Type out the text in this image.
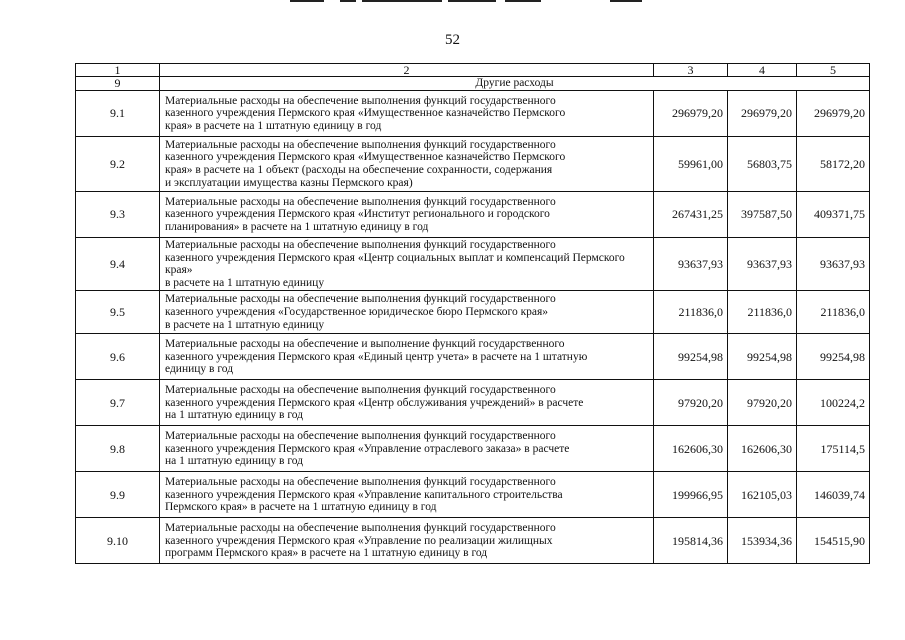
52
1	2	3	4	5
9	Другие расходы			
9.1	Материальные расходы на обеспечение выполнения функций государственного
казенного учреждения Пермского края «Имущественное казначейство Пермского
края» в расчете на 1 штатную единицу в год	296979,20	296979,20	296979,20
9.2	Материальные расходы на обеспечение выполнения функций государственного
казенного учреждения Пермского края «Имущественное казначейство Пермского
края» в расчете на 1 объект (расходы на обеспечение сохранности, содержания
и эксплуатации имущества казны Пермского края)	59961,00	56803,75	58172,20
9.3	Материальные расходы на обеспечение выполнения функций государственного
казенного учреждения Пермского края «Институт регионального и городского
планирования» в расчете на 1 штатную единицу в год	267431,25	397587,50	409371,75
9.4	Материальные расходы на обеспечение выполнения функций государственного
казенного учреждения Пермского края «Центр социальных выплат и компенсаций Пермского края»
в расчете на 1 штатную единицу	93637,93	93637,93	93637,93
9.5	Материальные расходы на обеспечение выполнения функций государственного
казенного учреждения «Государственное юридическое бюро Пермского края»
в расчете на 1 штатную единицу	211836,0	211836,0	211836,0
9.6	Материальные расходы на обеспечение и выполнение функций государственного
казенного учреждения Пермского края «Единый центр учета» в расчете на 1 штатную
единицу в год	99254,98	99254,98	99254,98
9.7	Материальные расходы на обеспечение выполнения функций государственного
казенного учреждения Пермского края «Центр обслуживания учреждений» в расчете
на 1 штатную единицу в год	97920,20	97920,20	100224,2
9.8	Материальные расходы на обеспечение выполнения функций государственного
казенного учреждения Пермского края «Управление отраслевого заказа» в расчете
на 1 штатную единицу в год	162606,30	162606,30	175114,5
9.9	Материальные расходы на обеспечение выполнения функций государственного
казенного учреждения Пермского края «Управление капитального строительства
Пермского края» в расчете на 1 штатную единицу в год	199966,95	162105,03	146039,74
9.10	Материальные расходы на обеспечение выполнения функций государственного
казенного учреждения Пермского края «Управление по реализации жилищных
программ Пермского края» в расчете на 1 штатную единицу в год	195814,36	153934,36	154515,90
